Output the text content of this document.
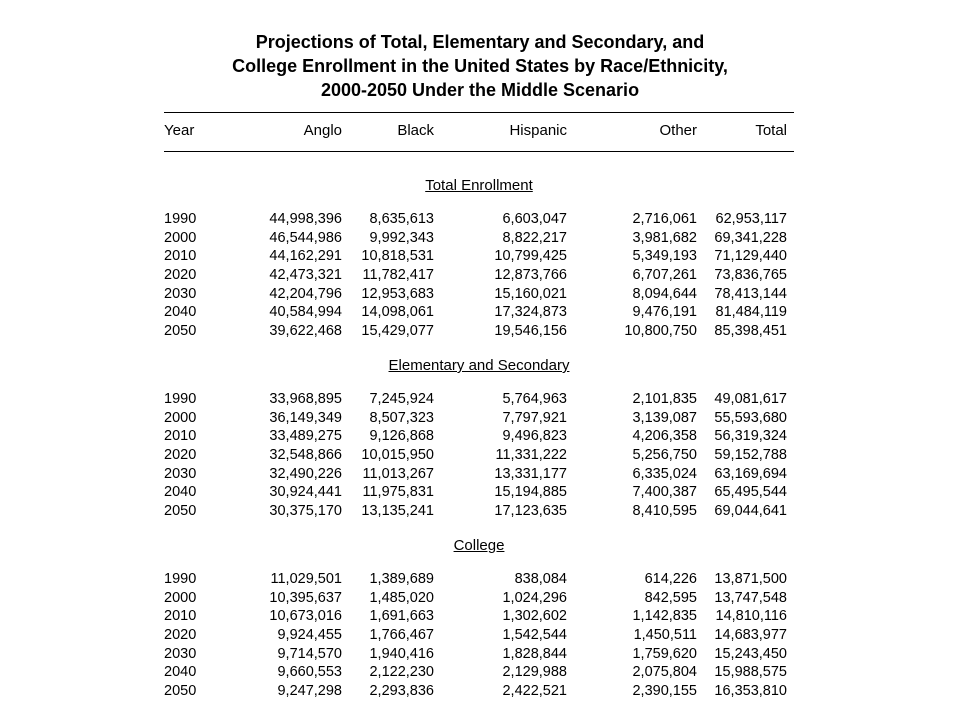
Projections of Total, Elementary and Secondary, and
College Enrollment in the United States by Race/Ethnicity,
2000-2050 Under the Middle Scenario
Year	Anglo	Black	Hispanic	Other	Total
Total Enrollment
1990	44,998,396 8,635,613	6,603,047	2,716,061 62,953,117
2000	46,544,986 9,992,343	8,822,217	3,981,682 69,341,228
2010	44,162,291 10,818,531	10,799,425	5,349,193 71,129,440
2020	42,473,321 11,782,417	12,873,766	6,707,261 73,836,765
2030	42,204,796 12,953,683	15,160,021	8,094,644 78,413,144
2040	40,584,994 14,098,061	17,324,873	9,476,191 81,484,119
2050	39,622,468 15,429,077	19,546,156	10,800,750 85,398,451
Elementary and Secondary
1990	33,968,895 7,245,924	5,764,963	2,101,835 49,081,617
2000	36,149,349 8,507,323	7,797,921	3,139,087 55,593,680
2010	33,489,275 9,126,868	9,496,823	4,206,358 56,319,324
2020	32,548,866 10,015,950	11,331,222	5,256,750 59,152,788
2030	32,490,226 11,013,267	13,331,177	6,335,024 63,169,694
2040	30,924,441 11,975,831	15,194,885	7,400,387 65,495,544
2050	30,375,170 13,135,241	17,123,635	8,410,595 69,044,641
College
1990	11,029,501 1,389,689	838,084	614,226 13,871,500
2000	10,395,637 1,485,020	1,024,296	842,595 13,747,548
2010	10,673,016 1,691,663	1,302,602	1,142,835 14,810,116
2020	9,924,455 1,766,467	1,542,544	1,450,511 14,683,977
2030	9,714,570 1,940,416	1,828,844	1,759,620 15,243,450
2040	9,660,553 2,122,230	2,129,988	2,075,804 15,988,575
2050	9,247,298 2,293,836	2,422,521	2,390,155 16,353,810
